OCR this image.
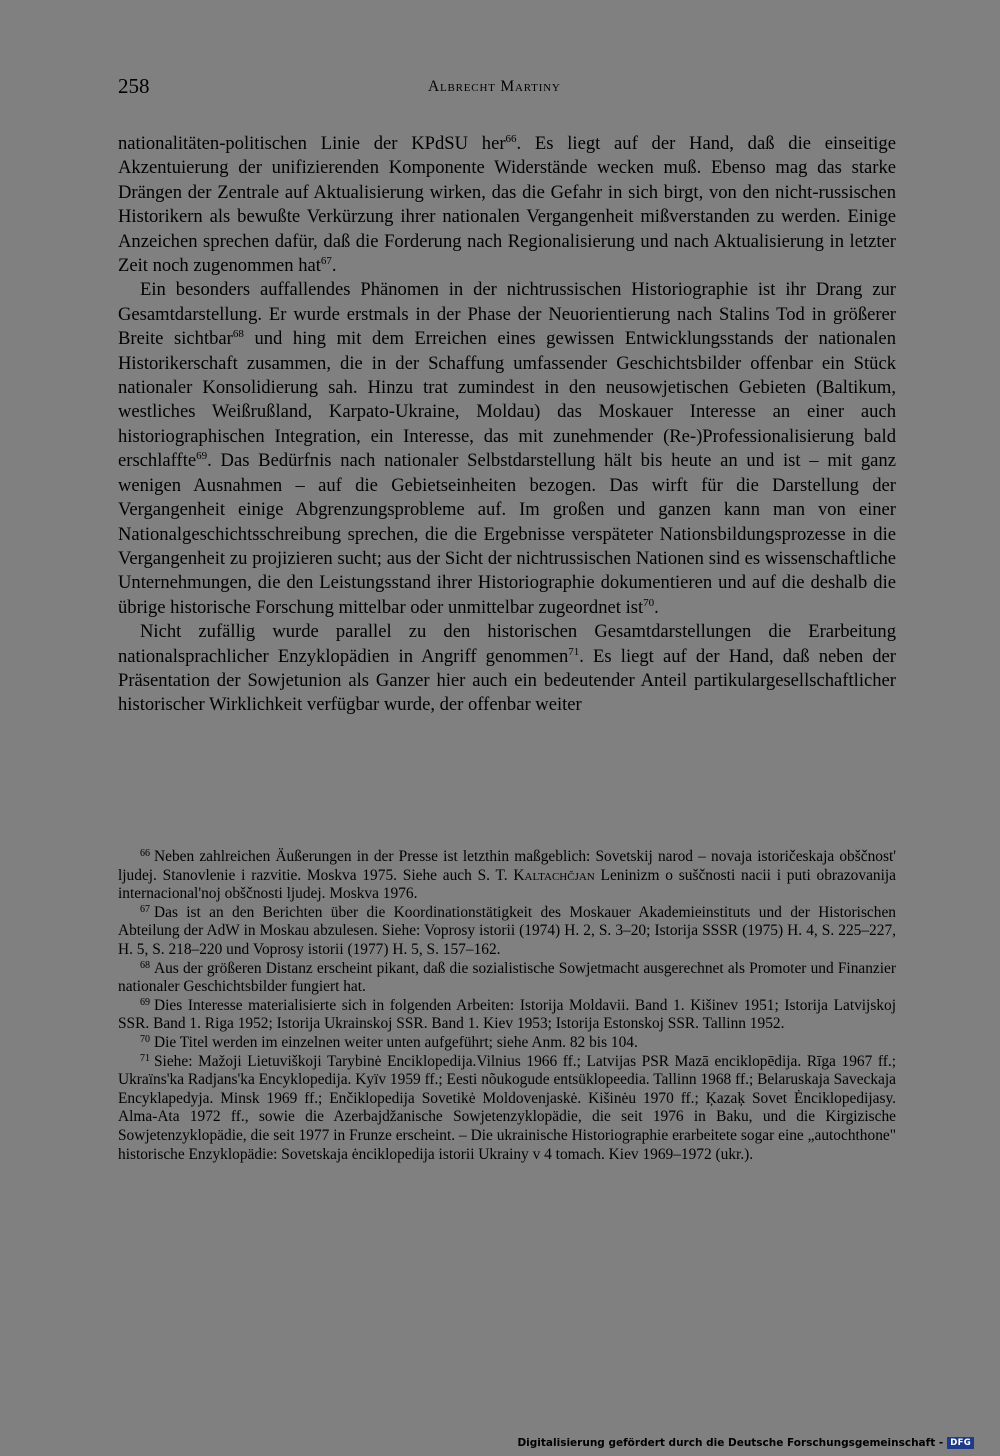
258	Albrecht Martiny

nationalitäten-politischen Linie der KPdSU her$^{66}$. Es liegt auf der Hand, daß die einseitige Akzentuierung der unifizierenden Komponente Widerstände wecken muß. Ebenso mag das starke Drängen der Zentrale auf Aktualisierung wirken, das die Gefahr in sich birgt, von den nicht-russischen Historikern als bewußte Verkürzung ihrer nationalen Vergangenheit mißverstanden zu werden. Einige Anzeichen sprechen dafür, daß die Forderung nach Regionalisierung und nach Aktualisierung in letzter Zeit noch zugenommen hat$^{67}$.

Ein besonders auffallendes Phänomen in der nichtrussischen Historiographie ist ihr Drang zur Gesamtdarstellung. Er wurde erstmals in der Phase der Neuorientierung nach Stalins Tod in größerer Breite sichtbar$^{68}$ und hing mit dem Erreichen eines gewissen Entwicklungsstands der nationalen Historikerschaft zusammen, die in der Schaffung umfassender Geschichtsbilder offenbar ein Stück nationaler Konsolidierung sah. Hinzu trat zumindest in den neusowjetischen Gebieten (Baltikum, westliches Weißrußland, Karpato-Ukraine, Moldau) das Moskauer Interesse an einer auch historiographischen Integration, ein Interesse, das mit zunehmender (Re-)Professionalisierung bald erschlaffte$^{69}$. Das Bedürfnis nach nationaler Selbstdarstellung hält bis heute an und ist – mit ganz wenigen Ausnahmen – auf die Gebietseinheiten bezogen. Das wirft für die Darstellung der Vergangenheit einige Abgrenzungsprobleme auf. Im großen und ganzen kann man von einer Nationalgeschichtsschreibung sprechen, die die Ergebnisse verspäteter Nationsbildungsprozesse in die Vergangenheit zu projizieren sucht; aus der Sicht der nichtrussischen Nationen sind es wissenschaftliche Unternehmungen, die den Leistungsstand ihrer Historiographie dokumentieren und auf die deshalb die übrige historische Forschung mittelbar oder unmittelbar zugeordnet ist$^{70}$.

Nicht zufällig wurde parallel zu den historischen Gesamtdarstellungen die Erarbeitung nationalsprachlicher Enzyklopädien in Angriff genommen$^{71}$. Es liegt auf der Hand, daß neben der Präsentation der Sowjetunion als Ganzer hier auch ein bedeutender Anteil partikulargesellschaftlicher historischer Wirklichkeit verfügbar wurde, der offenbar weiter

$^{66}$ Neben zahlreichen Äußerungen in der Presse ist letzthin maßgeblich: Sovetskij narod – novaja istoričeskaja obščnost' ljudej. Stanovlenie i razvitie. Moskva 1975. Siehe auch S. T. Kaltachčjan Leninizm o suščnosti nacii i puti obrazovanija internacional'noj obščnosti ljudej. Moskva 1976.

$^{67}$ Das ist an den Berichten über die Koordinationstätigkeit des Moskauer Akademieinstituts und der Historischen Abteilung der AdW in Moskau abzulesen. Siehe: Voprosy istorii (1974) H. 2, S. 3–20; Istorija SSSR (1975) H. 4, S. 225–227, H. 5, S. 218–220 und Voprosy istorii (1977) H. 5, S. 157–162.

$^{68}$ Aus der größeren Distanz erscheint pikant, daß die sozialistische Sowjetmacht ausgerechnet als Promoter und Finanzier nationaler Geschichtsbilder fungiert hat.

$^{69}$ Dies Interesse materialisierte sich in folgenden Arbeiten: Istorija Moldavii. Band 1. Kišinev 1951; Istorija Latvijskoj SSR. Band 1. Riga 1952; Istorija Ukrainskoj SSR. Band 1. Kiev 1953; Istorija Estonskoj SSR. Tallinn 1952.

$^{70}$ Die Titel werden im einzelnen weiter unten aufgeführt; siehe Anm. 82 bis 104.

$^{71}$ Siehe: Mažoji Lietuviškoji Tarybinė Enciklopedija.Vilnius 1966 ff.; Latvijas PSR Mazā enciklopēdija. Rīga 1967 ff.; Ukraïns'ka Radjans'ka Encyklopedija. Kyïv 1959 ff.; Eesti nõukogude entsüklopeedia. Tallinn 1968 ff.; Belaruskaja Saveckaja Encyklapedyja. Minsk 1969 ff.; Enčiklopedija Sovetikė Moldovenjaskė. Kišinėu 1970 ff.; Ķazaķ Sovet Ėnciklopedijasy. Alma-Ata 1972 ff., sowie die Azerbajdžanische Sowjetenzyklopädie, die seit 1976 in Baku, und die Kirgizische Sowjetenzyklopädie, die seit 1977 in Frunze erscheint. – Die ukrainische Historiographie erarbeitete sogar eine „autochthone" historische Enzyklopädie: Sovetskaja ėnciklopedija istorii Ukrainy v 4 tomach. Kiev 1969–1972 (ukr.).

Digitalisierung gefördert durch die Deutsche Forschungsgemeinschaft - DFG
